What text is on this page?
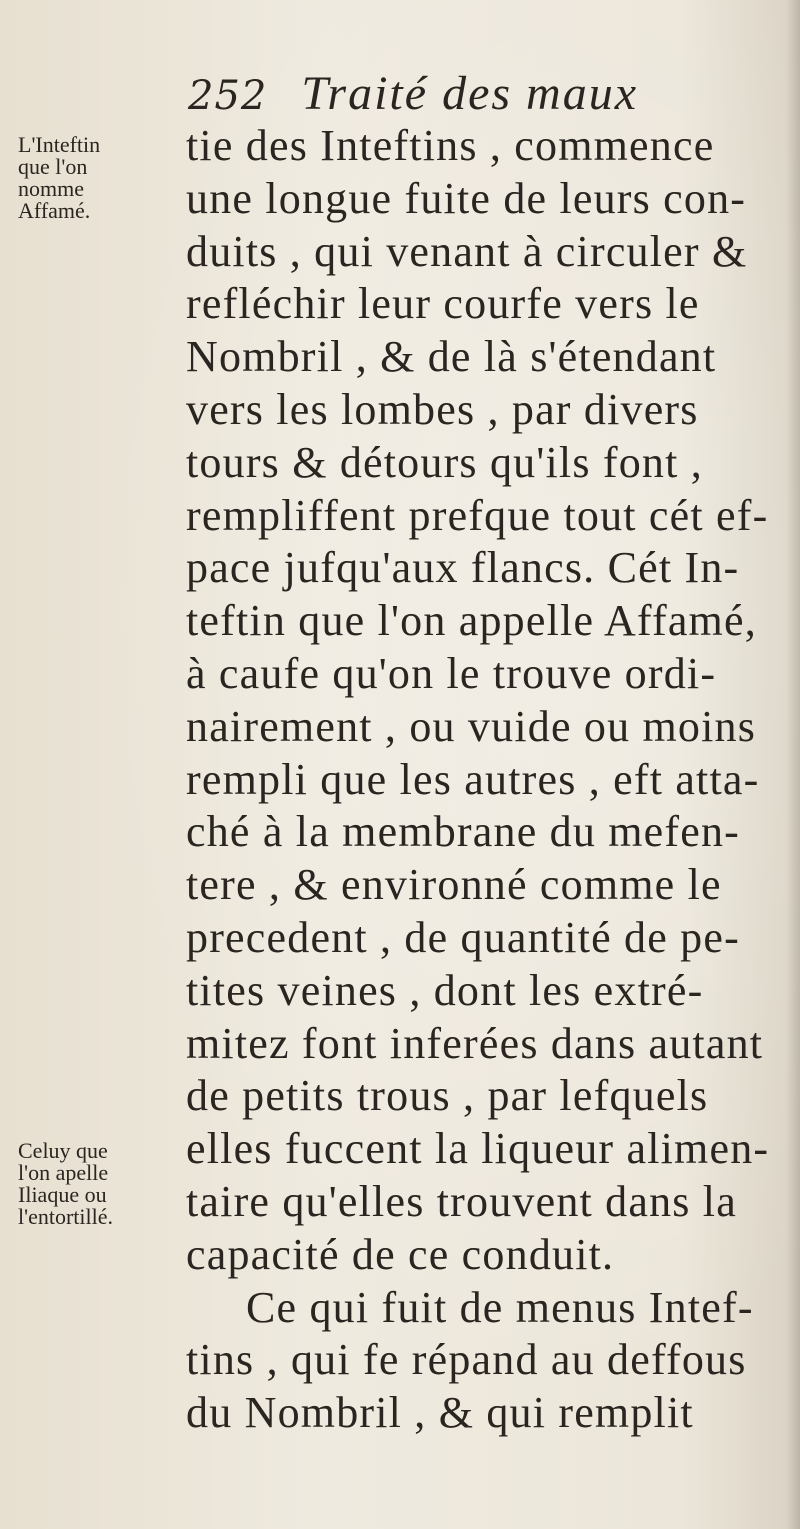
252 Traité des maux
L'Inteftin
que l'on
nomme
Affamé.
Celuy que
l'on apelle
Iliaque ou
l'entortillé.
tie des Inteftins , commence
une longue fuite de leurs con-
duits , qui venant à circuler &
refléchir leur courfe vers le
Nombril , & de là s'étendant
vers les lombes , par divers
tours & détours qu'ils font ,
rempliffent prefque tout cét ef-
pace jufqu'aux flancs. Cét In-
teftin que l'on appelle Affamé,
à caufe qu'on le trouve ordi-
nairement , ou vuide ou moins
rempli que les autres , eft atta-
ché à la membrane du mefen-
tere , & environné comme le
precedent , de quantité de pe-
tites veines , dont les extré-
mitez font inferées dans autant
de petits trous , par lefquels
elles fuccent la liqueur alimen-
taire qu'elles trouvent dans la
capacité de ce conduit.
Ce qui fuit de menus Intef-
tins , qui fe répand au deffous
du Nombril , & qui remplit
